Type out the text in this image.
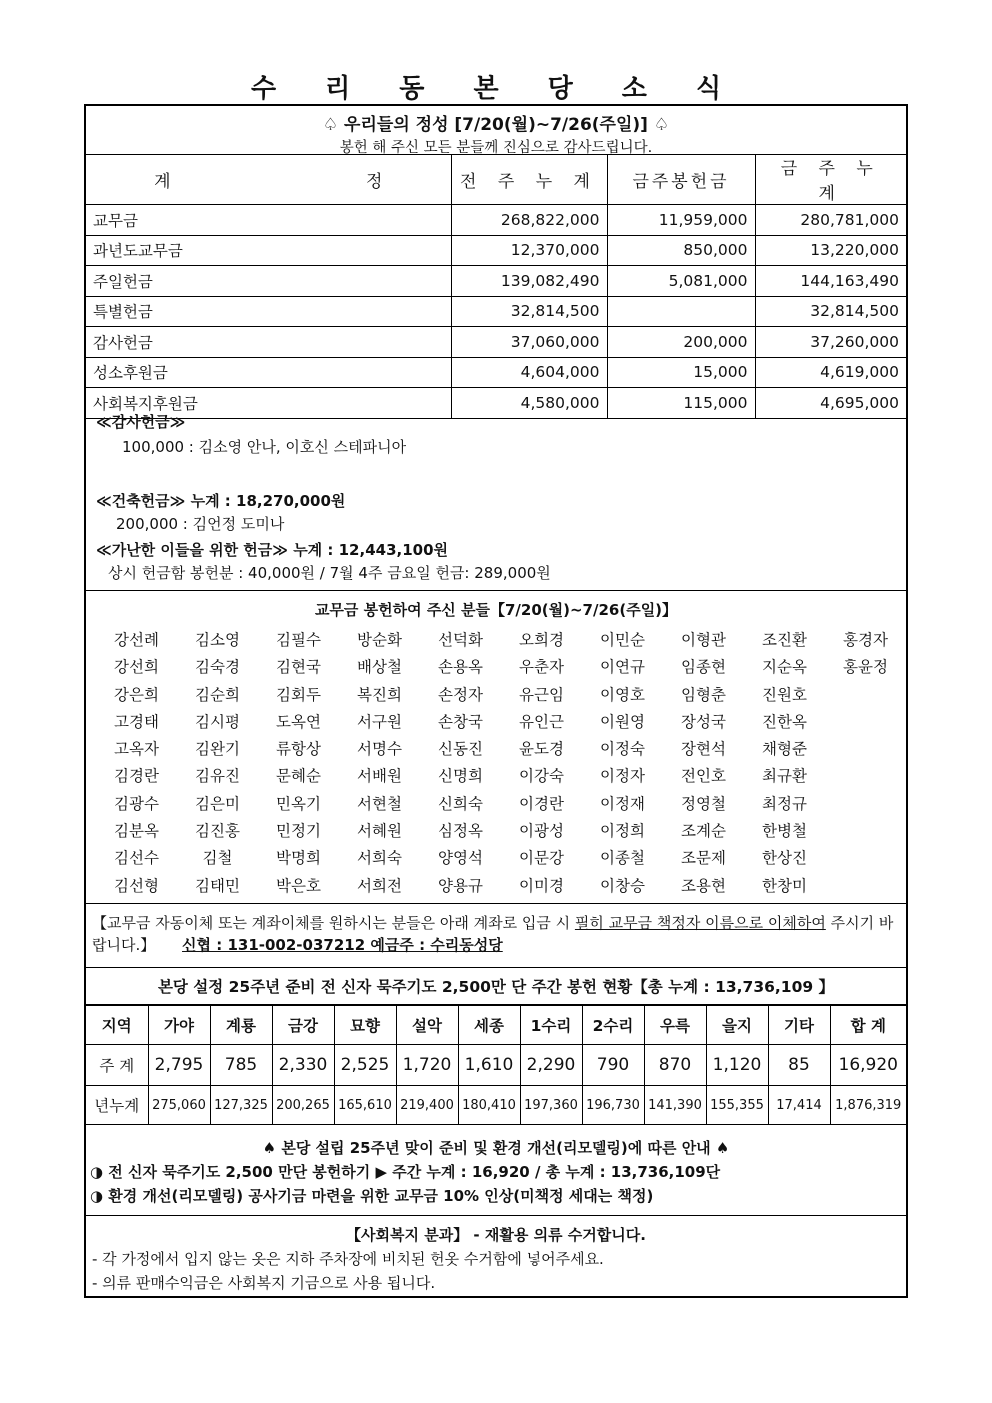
수 리 동 본 당 소 식
♤ 우리들의 정성 [7/20(월)~7/26(주일)] ♤
봉헌 해 주신 모든 분들께 진심으로 감사드립니다.
계 정	전 주 누 계	금주봉헌금	금 주 누 계
교무금	268,822,000	11,959,000	280,781,000
과년도교무금	12,370,000	850,000	13,220,000
주일헌금	139,082,490	5,081,000	144,163,490
특별헌금	32,814,500		32,814,500
감사헌금	37,060,000	200,000	37,260,000
성소후원금	4,604,000	15,000	4,619,000
사회복지후원금	4,580,000	115,000	4,695,000
≪감사헌금≫
100,000 : 김소영 안나, 이호신 스테파니아
≪건축헌금≫ 누계 : 18,270,000원
200,000 : 김언정 도미나
≪가난한 이들을 위한 헌금≫ 누계 : 12,443,100원
상시 헌금함 봉헌분 : 40,000원 / 7월 4주 금요일 헌금: 289,000원
교무금 봉헌하여 주신 분들【7/20(월)~7/26(주일)】
강선례	김소영	김필수	방순화	선덕화	오희경	이민순	이형관	조진환	홍경자
강선희	김숙경	김현국	배상철	손용옥	우춘자	이연규	임종현	지순옥	홍윤정
강은희	김순희	김회두	복진희	손정자	유근임	이영호	임형춘	진원호
고경태	김시평	도옥연	서구원	손창국	유인근	이원영	장성국	진한옥
고옥자	김완기	류항상	서명수	신동진	윤도경	이정숙	장현석	채형준
김경란	김유진	문혜순	서배원	신명희	이강숙	이정자	전인호	최규환
김광수	김은미	민옥기	서현철	신희숙	이경란	이정재	정영철	최정규
김분옥	김진홍	민정기	서혜원	심정옥	이광성	이정희	조계순	한병철
김선수	김철	박명희	서희숙	양영석	이문강	이종철	조문제	한상진
김선형	김태민	박은호	서희전	양용규	이미경	이창승	조용현	한창미
【교무금 자동이체 또는 계좌이체를 원하시는 분들은 아래 계좌로 입금 시 필히 교무금 책정자 이름으로 이체하여 주시기 바랍니다.】 신협 : 131-002-037212 예금주 : 수리동성당
본당 설정 25주년 준비 전 신자 묵주기도 2,500만 단 주간 봉헌 현황【총 누계 : 13,736,109 】
지역	가야	계룡	금강	묘향	설악	세종	1수리	2수리	우륵	을지	기타	합 계
주 계	2,795	785	2,330	2,525	1,720	1,610	2,290	790	870	1,120	85	16,920
년누계	275,060	127,325	200,265	165,610	219,400	180,410	197,360	196,730	141,390	155,355	17,414	1,876,319
♠ 본당 설립 25주년 맞이 준비 및 환경 개선(리모델링)에 따른 안내 ♠
◑ 전 신자 묵주기도 2,500 만단 봉헌하기 ▶ 주간 누계 : 16,920 / 총 누계 : 13,736,109단
◑ 환경 개선(리모델링) 공사기금 마련을 위한 교무금 10% 인상(미책정 세대는 책정)
【사회복지 분과】 - 재활용 의류 수거합니다.
- 각 가정에서 입지 않는 옷은 지하 주차장에 비치된 헌옷 수거함에 넣어주세요.
- 의류 판매수익금은 사회복지 기금으로 사용 됩니다.
